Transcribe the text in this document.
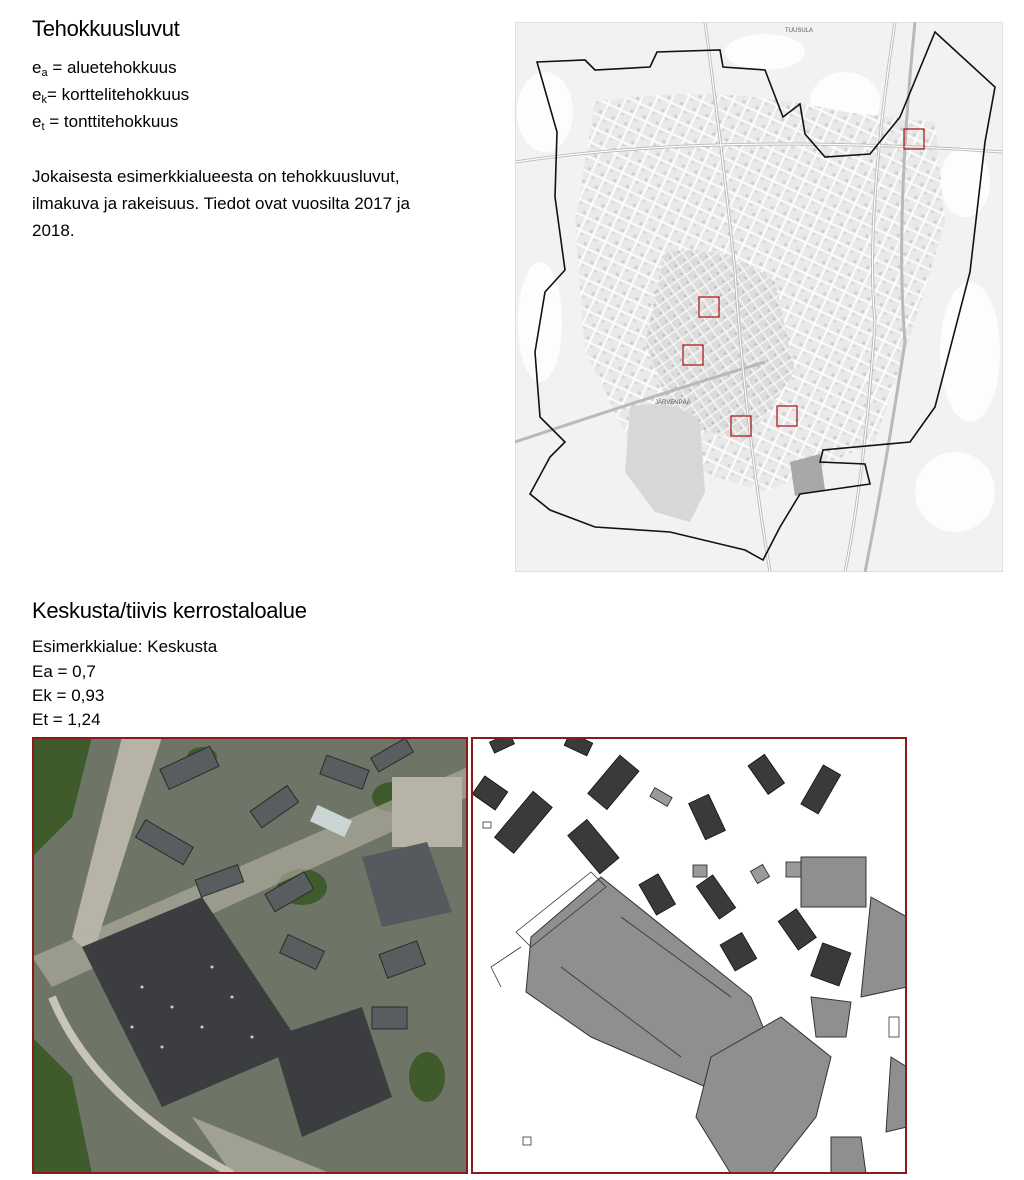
Tehokkuusluvut
$e_a$ = aluetehokkuus
$e_k=$ korttelitehokkuus
$e_t$ = tonttitehokkuus
Jokaisesta esimerkkialueesta on tehokkuusluvut, ilmakuva ja rakeisuus. Tiedot ovat vuosilta 2017 ja 2018.
TUUSULA
JÄRVENPÄÄ
Keskusta/tiivis kerrostaloalue
Esimerkkialue: Keskusta
Ea = 0,7
Ek = 0,93
Et = 1,24
